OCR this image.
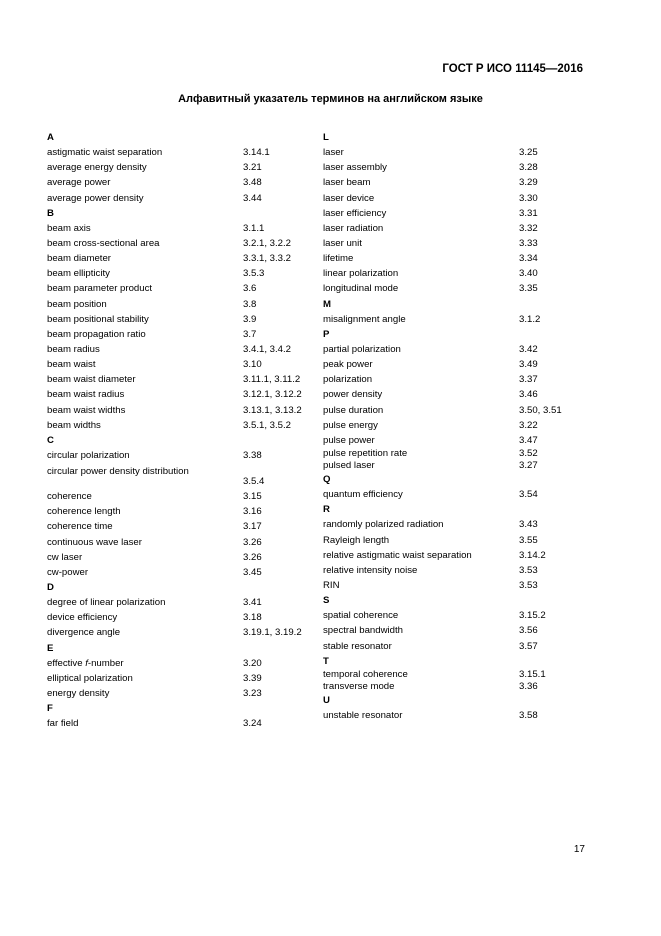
ГОСТ Р ИСО 11145—2016
Алфавитный указатель терминов на английском языке
A
astigmatic waist separation	3.14.1
average energy density	3.21
average power	3.48
average power density	3.44
B
beam axis	3.1.1
beam cross-sectional area	3.2.1, 3.2.2
beam diameter	3.3.1, 3.3.2
beam ellipticity	3.5.3
beam parameter product	3.6
beam position	3.8
beam positional stability	3.9
beam propagation ratio	3.7
beam radius	3.4.1, 3.4.2
beam waist	3.10
beam waist diameter	3.11.1, 3.11.2
beam waist radius	3.12.1, 3.12.2
beam waist widths	3.13.1, 3.13.2
beam widths	3.5.1, 3.5.2
C
circular polarization	3.38
circular power density distribution
3.5.4
coherence	3.15
coherence length	3.16
coherence time	3.17
continuous wave laser	3.26
cw laser	3.26
cw-power	3.45
D
degree of linear polarization	3.41
device efficiency	3.18
divergence angle	3.19.1, 3.19.2
E
effective f-number	3.20
elliptical polarization	3.39
energy density	3.23
F
far field	3.24
L
laser	3.25
laser assembly	3.28
laser beam	3.29
laser device	3.30
laser efficiency	3.31
laser radiation	3.32
laser unit	3.33
lifetime	3.34
linear polarization	3.40
longitudinal mode	3.35
M
misalignment angle	3.1.2
P
partial polarization	3.42
peak power	3.49
polarization	3.37
power density	3.46
pulse duration	3.50, 3.51
pulse energy	3.22
pulse power	3.47
pulse repetition rate	3.52
pulsed laser	3.27
Q
quantum efficiency	3.54
R
randomly polarized radiation	3.43
Rayleigh length	3.55
relative astigmatic waist separation	3.14.2
relative intensity noise	3.53
RIN	3.53
S
spatial coherence	3.15.2
spectral bandwidth	3.56
stable resonator	3.57
T
temporal coherence	3.15.1
transverse mode	3.36
U
unstable resonator	3.58
17
